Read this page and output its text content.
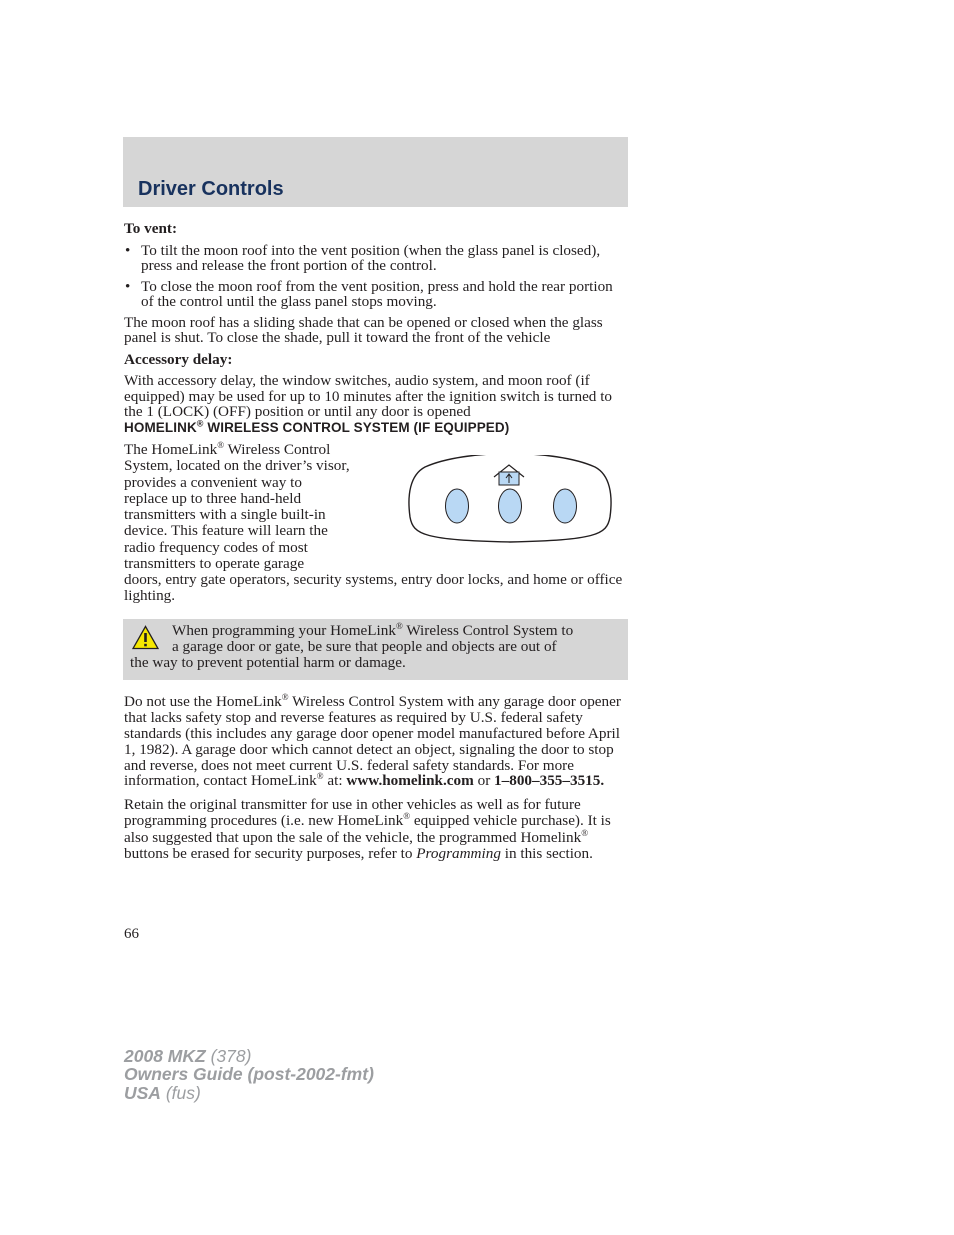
Driver Controls

To vent:

• To tilt the moon roof into the vent position (when the glass panel is closed), press and release the front portion of the control.
• To close the moon roof from the vent position, press and hold the rear portion of the control until the glass panel stops moving.

The moon roof has a sliding shade that can be opened or closed when the glass panel is shut. To close the shade, pull it toward the front of the vehicle

Accessory delay:

With accessory delay, the window switches, audio system, and moon roof (if equipped) may be used for up to 10 minutes after the ignition switch is turned to the 1 (LOCK) (OFF) position or until any door is opened

HOMELINK® WIRELESS CONTROL SYSTEM (IF EQUIPPED)

The HomeLink® Wireless Control
System, located on the driver’s visor,
provides a convenient way to
replace up to three hand-held
transmitters with a single built-in
device. This feature will learn the
radio frequency codes of most
transmitters to operate garage
doors, entry gate operators, security systems, entry door locks, and home or office lighting.
When programming your HomeLink® Wireless Control System to
a garage door or gate, be sure that people and objects are out of
the way to prevent potential harm or damage.

Do not use the HomeLink® Wireless Control System with any garage door opener that lacks safety stop and reverse features as required by U.S. federal safety standards (this includes any garage door opener model manufactured before April 1, 1982). A garage door which cannot detect an object, signaling the door to stop and reverse, does not meet current U.S. federal safety standards. For more information, contact HomeLink® at: www.homelink.com or 1–800–355–3515.

Retain the original transmitter for use in other vehicles as well as for future programming procedures (i.e. new HomeLink® equipped vehicle purchase). It is also suggested that upon the sale of the vehicle, the programmed Homelink® buttons be erased for security purposes, refer to Programming in this section.

66
2008 MKZ (378)
Owners Guide (post-2002-fmt)
USA (fus)
